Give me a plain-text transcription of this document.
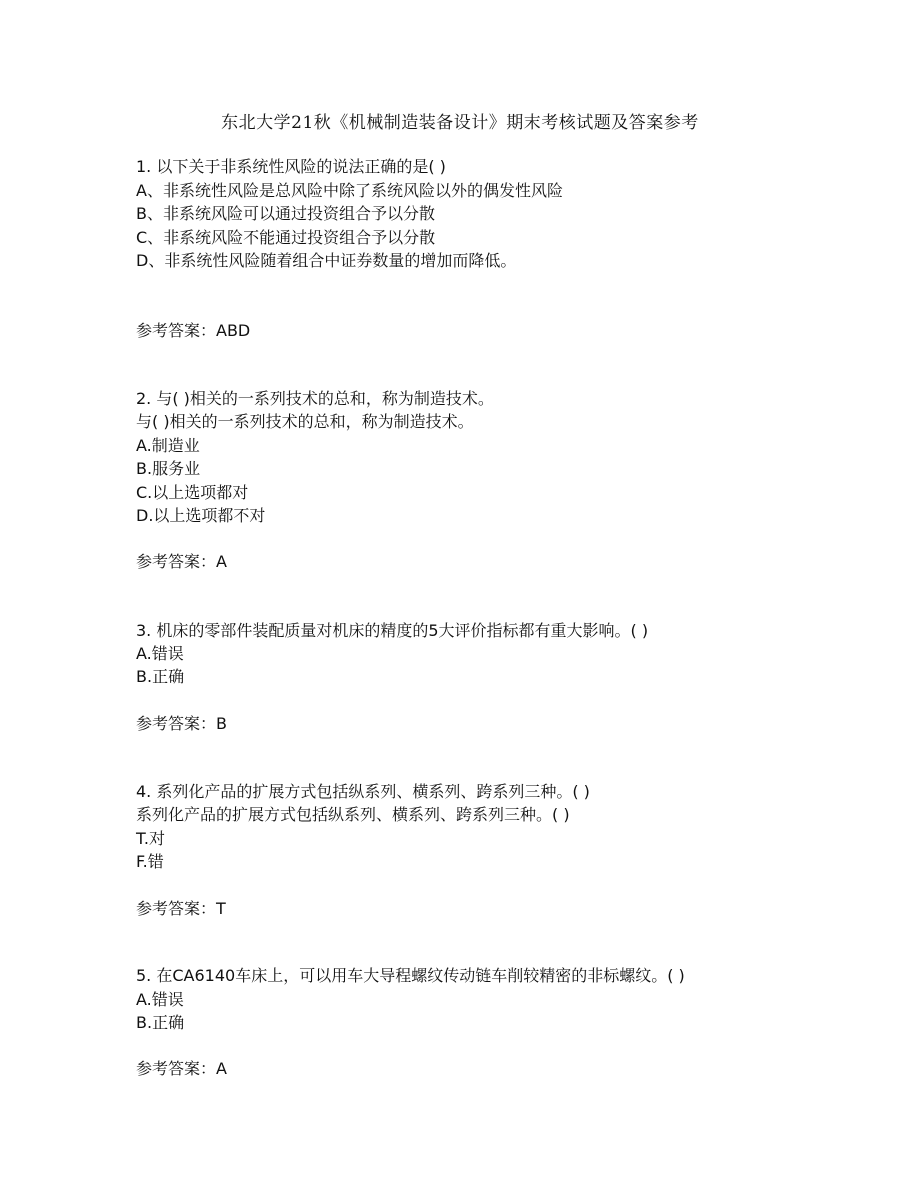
东北大学21秋《机械制造装备设计》期末考核试题及答案参考
1. 以下关于非系统性风险的说法正确的是( )
A、非系统性风险是总风险中除了系统风险以外的偶发性风险
B、非系统风险可以通过投资组合予以分散
C、非系统风险不能通过投资组合予以分散
D、非系统性风险随着组合中证券数量的增加而降低。
参考答案：ABD
2. 与( )相关的一系列技术的总和，称为制造技术。
与( )相关的一系列技术的总和，称为制造技术。
A.制造业
B.服务业
C.以上选项都对
D.以上选项都不对
参考答案：A
3. 机床的零部件装配质量对机床的精度的5大评价指标都有重大影响。( )
A.错误
B.正确
参考答案：B
4. 系列化产品的扩展方式包括纵系列、横系列、跨系列三种。( )
系列化产品的扩展方式包括纵系列、横系列、跨系列三种。( )
T.对
F.错
参考答案：T
5. 在CA6140车床上，可以用车大导程螺纹传动链车削较精密的非标螺纹。( )
A.错误
B.正确
参考答案：A
